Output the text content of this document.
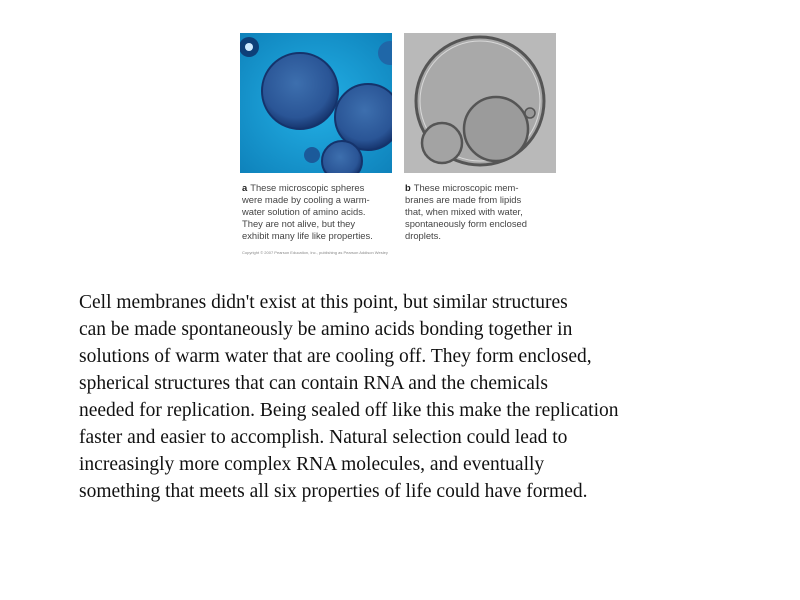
a These microscopic spheres
were made by cooling a warm-
water solution of amino acids.
They are not alive, but they
exhibit many life like properties.
b These microscopic mem-
branes are made from lipids
that, when mixed with water,
spontaneously form enclosed
droplets.
Copyright © 2007 Pearson Education, Inc., publishing as Pearson Addison Wesley
Cell membranes didn't exist at this point, but similar structures
can be made spontaneously be amino acids bonding together in
solutions of warm water that are cooling off. They form enclosed,
spherical structures that can contain RNA and the chemicals
needed for replication. Being sealed off like this make the replication
faster and easier to accomplish. Natural selection could lead to
increasingly more complex RNA molecules, and eventually
something that meets all six properties of life could have formed.
